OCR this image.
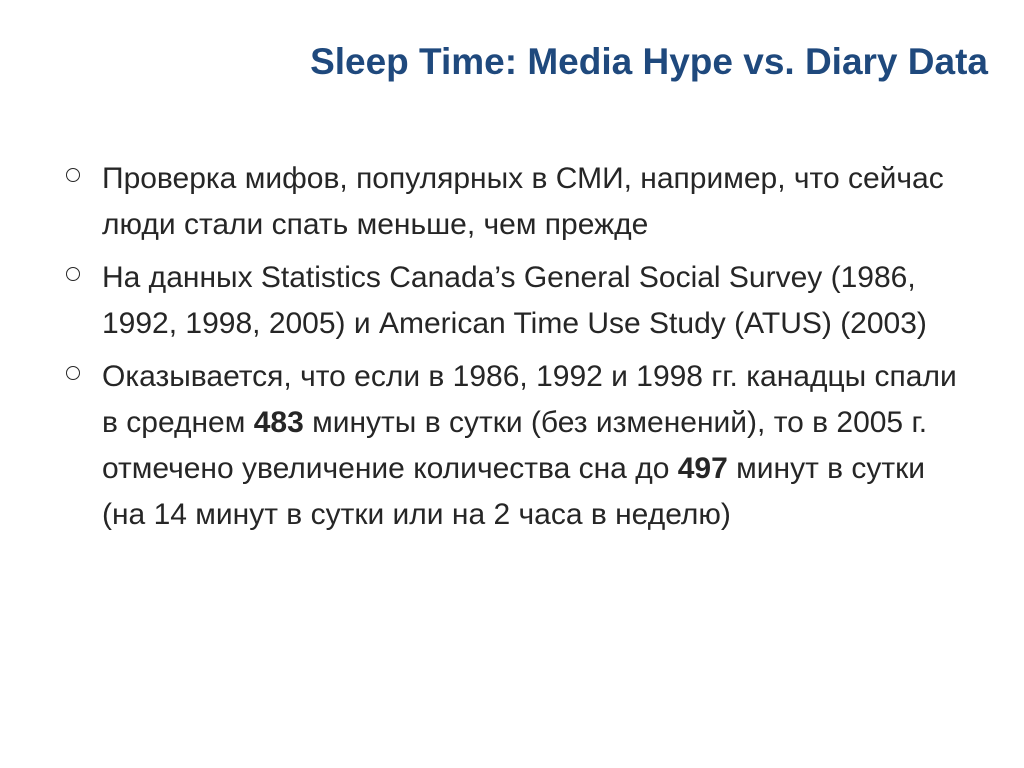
Sleep Time: Media Hype vs. Diary Data
Проверка мифов, популярных в СМИ, например, что сейчас люди стали спать меньше, чем прежде
На данных Statistics Canada’s General Social Survey (1986, 1992, 1998, 2005) и American Time Use Study (ATUS) (2003)
Оказывается, что если в 1986, 1992 и 1998 гг. канадцы спали в среднем 483 минуты в сутки (без изменений), то в 2005 г. отмечено увеличение количества сна до 497 минут в сутки (на 14 минут в сутки или на 2 часа в неделю)
